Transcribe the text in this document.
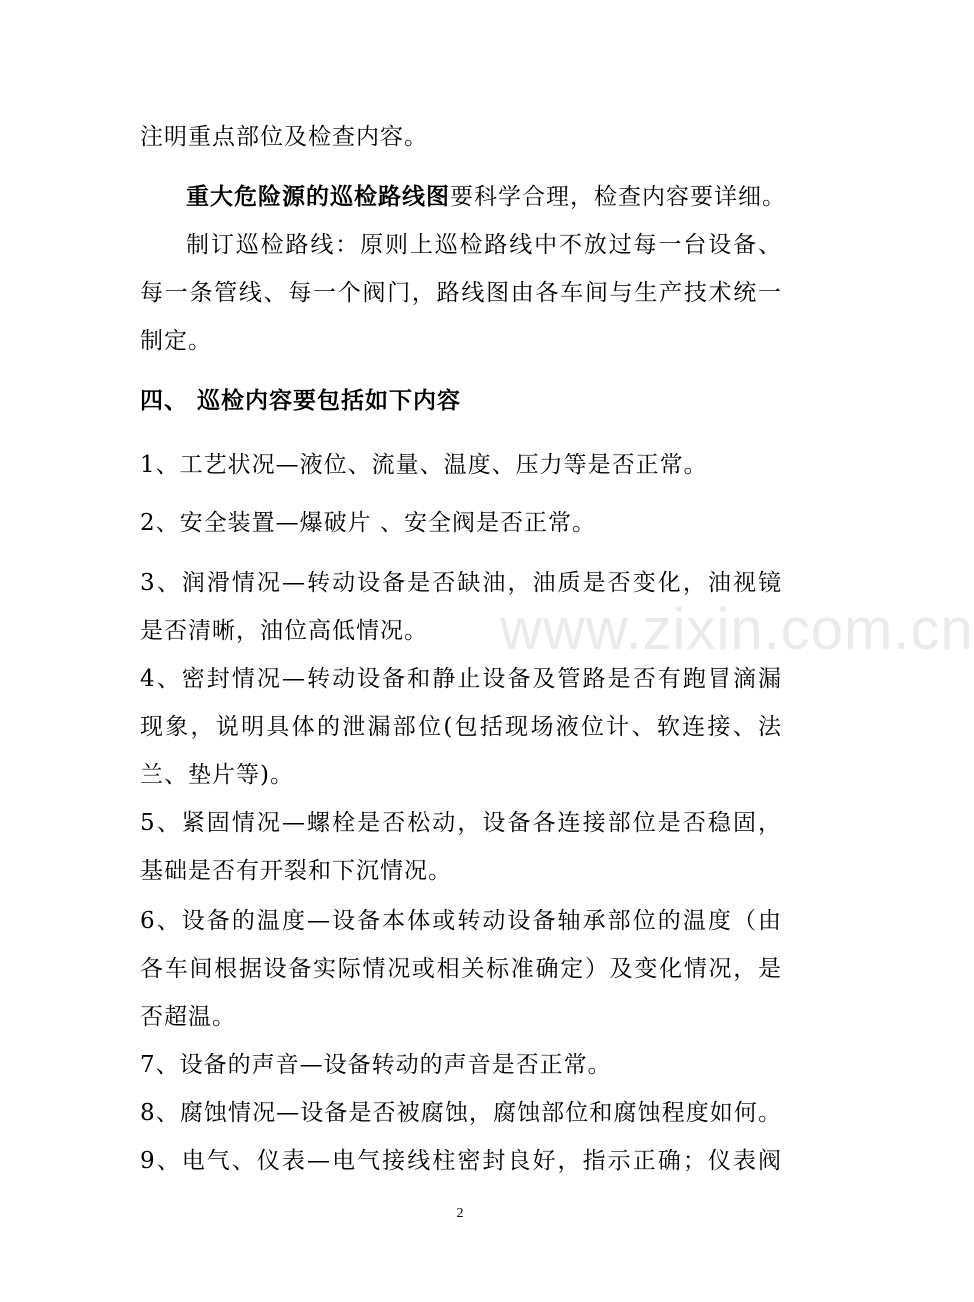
注明重点部位及检查内容。
重大危险源的巡检路线图要科学合理，检查内容要详细。
制订巡检路线：原则上巡检路线中不放过每一台设备、
每一条管线、每一个阀门，路线图由各车间与生产技术统一
制定。
四、 巡检内容要包括如下内容
1、工艺状况—液位、流量、温度、压力等是否正常。
2、安全装置—爆破片 、安全阀是否正常。
3、润滑情况—转动设备是否缺油，油质是否变化，油视镜
是否清晰，油位高低情况。
4、密封情况—转动设备和静止设备及管路是否有跑冒滴漏
现象，说明具体的泄漏部位(包括现场液位计、软连接、法
兰、垫片等)。
5、紧固情况—螺栓是否松动，设备各连接部位是否稳固，
基础是否有开裂和下沉情况。
6、设备的温度—设备本体或转动设备轴承部位的温度（由
各车间根据设备实际情况或相关标准确定）及变化情况，是
否超温。
7、设备的声音—设备转动的声音是否正常。
8、腐蚀情况—设备是否被腐蚀，腐蚀部位和腐蚀程度如何。
9、电气、仪表—电气接线柱密封良好，指示正确；仪表阀
www.zixin.com.cn
2
